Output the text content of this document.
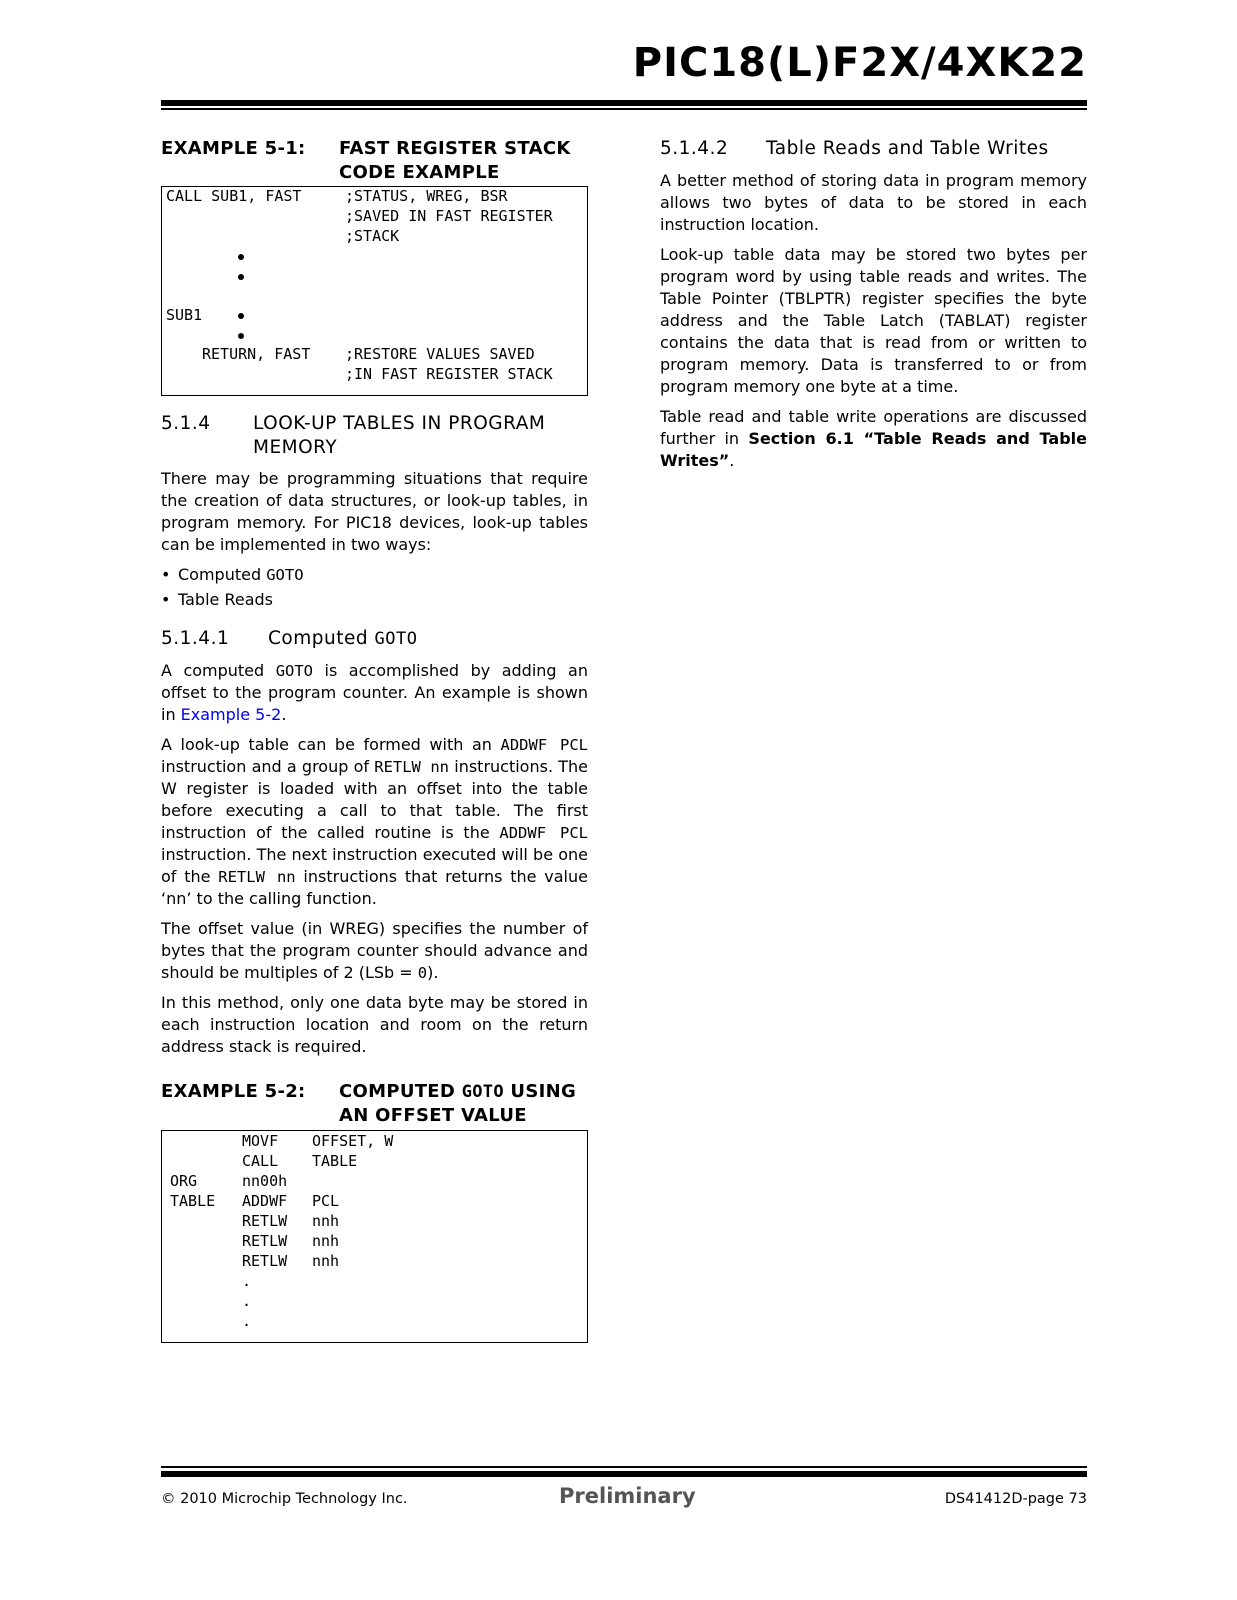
PIC18(L)F2X/4XK22
EXAMPLE 5-1: FAST REGISTER STACK CODE EXAMPLE
CALL SUB1, FAST	;STATUS, WREG, BSR
;SAVED IN FAST REGISTER
;STACK
SUB1
RETURN, FAST ;RESTORE VALUES SAVED
;IN FAST REGISTER STACK
5.1.4 LOOK-UP TABLES IN PROGRAM MEMORY

There may be programming situations that require the creation of data structures, or look-up tables, in program memory. For PIC18 devices, look-up tables can be implemented in two ways:

• Computed GOTO
• Table Reads
5.1.4.1 Computed GOTO

A computed GOTO is accomplished by adding an offset to the program counter. An example is shown in Example 5-2.

A look-up table can be formed with an ADDWF PCL instruction and a group of RETLW nn instructions. The W register is loaded with an offset into the table before executing a call to that table. The first instruction of the called routine is the ADDWF PCL instruction. The next instruction executed will be one of the RETLW nn instructions that returns the value ‘nn’ to the calling function.

The offset value (in WREG) specifies the number of bytes that the program counter should advance and should be multiples of 2 (LSb = 0).

In this method, only one data byte may be stored in each instruction location and room on the return address stack is required.

EXAMPLE 5-2: COMPUTED GOTO USING AN OFFSET VALUE
MOVF OFFSET, W
CALL TABLE
ORG	nn00h
TABLE ADDWF PCL
RETLW nnh
RETLW nnh
RETLW nnh
.
.
.
5.1.4.2 Table Reads and Table Writes

A better method of storing data in program memory allows two bytes of data to be stored in each instruction location.

Look-up table data may be stored two bytes per program word by using table reads and writes. The Table Pointer (TBLPTR) register specifies the byte address and the Table Latch (TABLAT) register contains the data that is read from or written to program memory. Data is transferred to or from program memory one byte at a time.

Table read and table write operations are discussed further in Section 6.1 “Table Reads and Table Writes”.

© 2010 Microchip Technology Inc.	Preliminary	DS41412D-page 73
